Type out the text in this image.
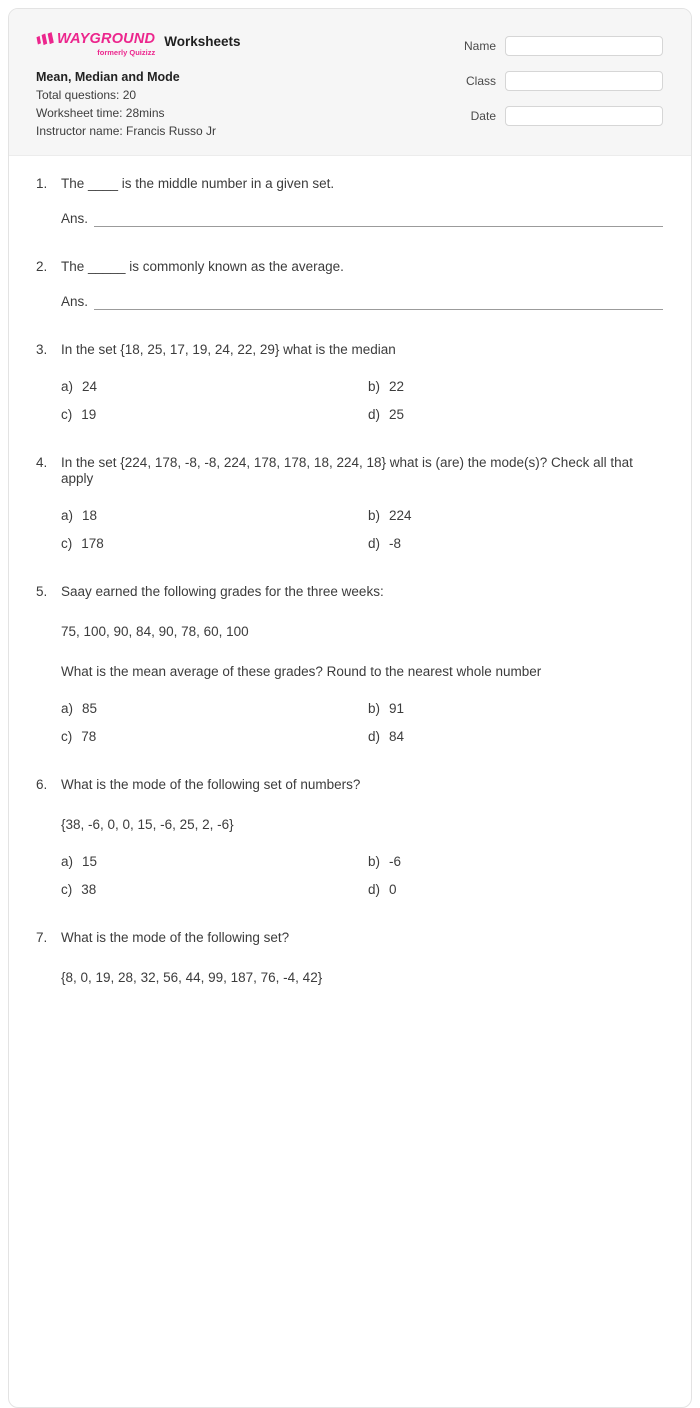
WAYGROUND
formerly Quizizz
Worksheets
Mean, Median and Mode
Total questions: 20
Worksheet time: 28mins
Instructor name: Francis Russo Jr
Name
Class
Date
1.	The ____ is the middle number in a given set.
Ans.
2.	The _____ is commonly known as the average.
Ans.
3.	In the set {18, 25, 17, 19, 24, 22, 29} what is the median
a) 24	b) 22
c) 19	d) 25
4.	In the set {224, 178, -8, -8, 224, 178, 178, 18, 224, 18} what is (are) the mode(s)? Check all that apply
a) 18	b) 224
c) 178	d) -8
5.	Saay earned the following grades for the three weeks:
75, 100, 90, 84, 90, 78, 60, 100
What is the mean average of these grades? Round to the nearest whole number
a) 85	b) 91
c) 78	d) 84
6.	What is the mode of the following set of numbers?
{38, -6, 0, 0, 15, -6, 25, 2, -6}
a) 15	b) -6
c) 38	d) 0
7.	What is the mode of the following set?
{8, 0, 19, 28, 32, 56, 44, 99, 187, 76, -4, 42}
